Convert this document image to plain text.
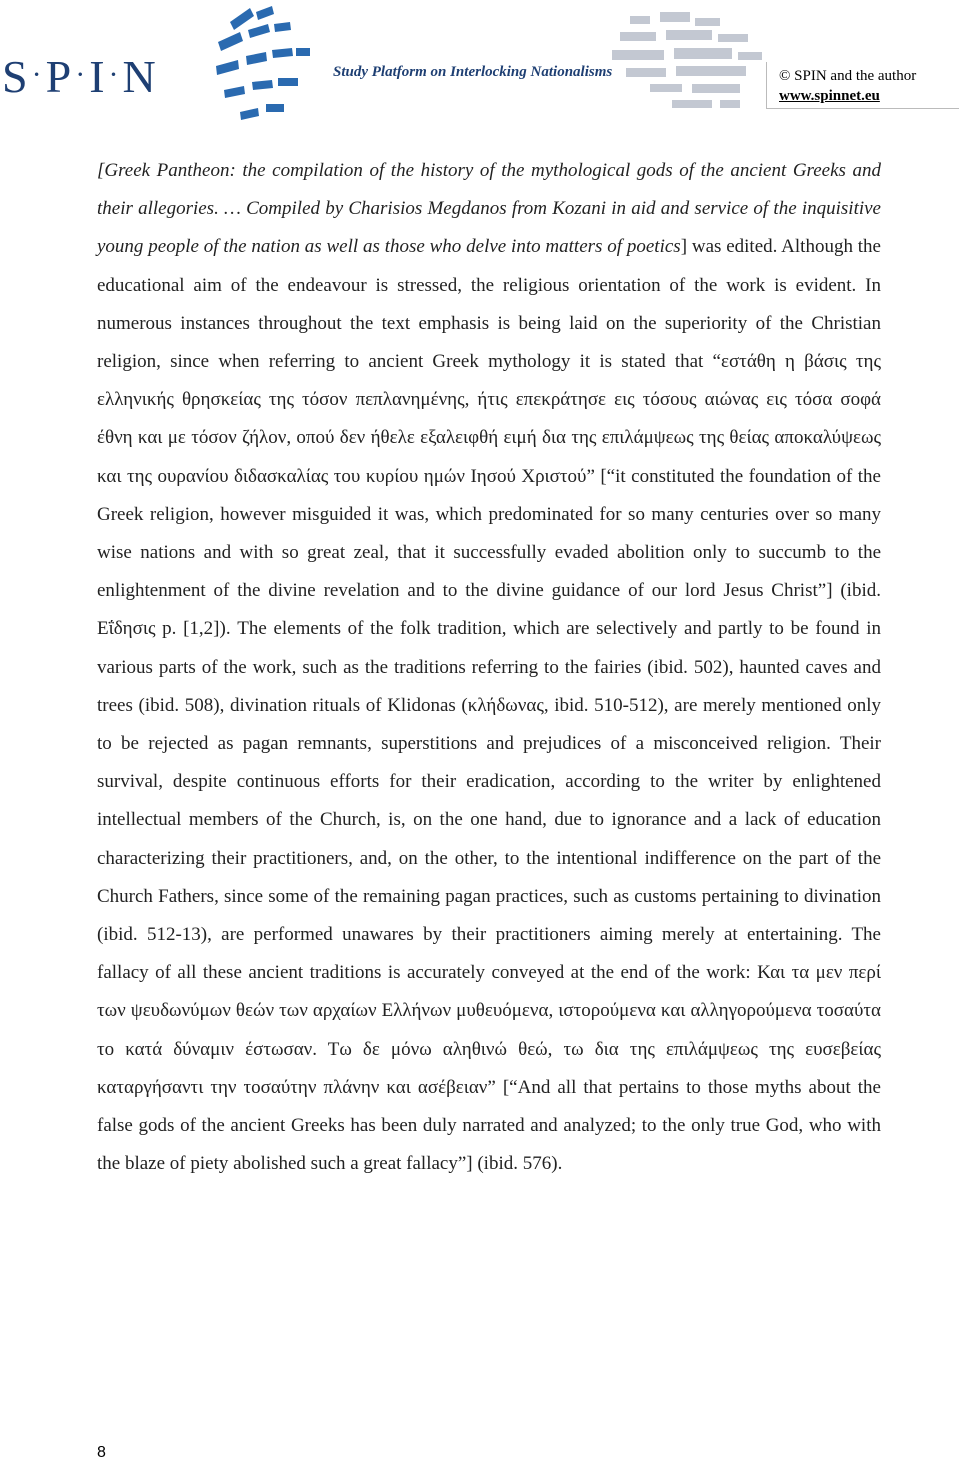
S ·P ·I ·N	Study Platform on Interlocking Nationalisms	© SPIN and the author
www.spinnet.eu
[Greek Pantheon: the compilation of the history of the mythological gods of the ancient Greeks and their allegories. … Compiled by Charisios Megdanos from Kozani in aid and service of the inquisitive young people of the nation as well as those who delve into matters of poetics] was edited. Although the educational aim of the endeavour is stressed, the religious orientation of the work is evident. In numerous instances throughout the text emphasis is being laid on the superiority of the Christian religion, since when referring to ancient Greek mythology it is stated that “εστάθη η βάσις της ελληνικής θρησκείας της τόσον πεπλανημένης, ήτις επεκράτησε εις τόσους αιώνας εις τόσα σοφά έθνη και με τόσον ζήλον, οπού δεν ήθελε εξαλειφθή ειμή δια της επιλάμψεως της θείας αποκαλύψεως και της ουρανίου διδασκαλίας του κυρίου ημών Ιησού Χριστού” [“it constituted the foundation of the Greek religion, however misguided it was, which predominated for so many centuries over so many wise nations and with so great zeal, that it successfully evaded abolition only to succumb to the enlightenment of the divine revelation and to the divine guidance of our lord Jesus Christ”] (ibid. Εΐδησις p. [1,2]). The elements of the folk tradition, which are selectively and partly to be found in various parts of the work, such as the traditions referring to the fairies (ibid. 502), haunted caves and trees (ibid. 508), divination rituals of Klidonas (κλήδωνας, ibid. 510-512), are merely mentioned only to be rejected as pagan remnants, superstitions and prejudices of a misconceived religion. Their survival, despite continuous efforts for their eradication, according to the writer by enlightened intellectual members of the Church, is, on the one hand, due to ignorance and a lack of education characterizing their practitioners, and, on the other, to the intentional indifference on the part of the Church Fathers, since some of the remaining pagan practices, such as customs pertaining to divination (ibid. 512-13), are performed unawares by their practitioners aiming merely at entertaining. The fallacy of all these ancient traditions is accurately conveyed at the end of the work: Και τα μεν περί των ψευδωνύμων θεών των αρχαίων Ελλήνων μυθευόμενα, ιστορούμενα και αλληγορούμενα τοσαύτα το κατά δύναμιν έστωσαν. Τω δε μόνω αληθινώ θεώ, τω δια της επιλάμψεως της ευσεβείας καταργήσαντι την τοσαύτην πλάνην και ασέβειαν” [“And all that pertains to those myths about the false gods of the ancient Greeks has been duly narrated and analyzed; to the only true God, who with the blaze of piety abolished such a great fallacy”] (ibid. 576).
8
